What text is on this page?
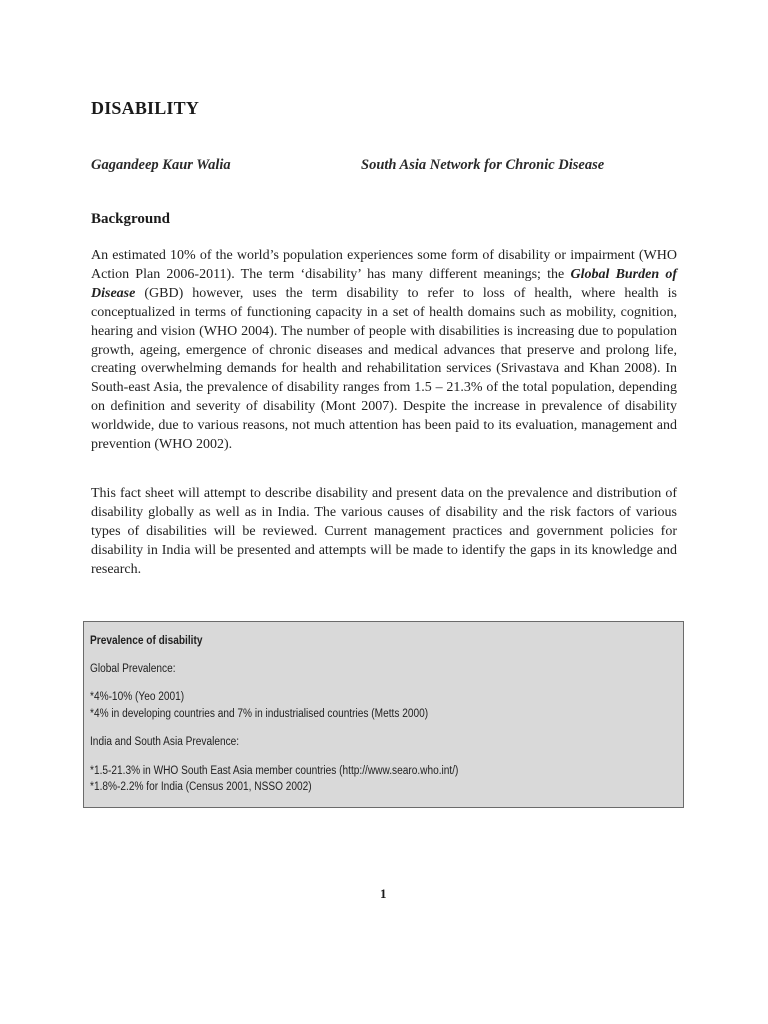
DISABILITY
Gagandeep Kaur Walia	South Asia Network for Chronic Disease
Background

An estimated 10% of the world’s population experiences some form of disability or impairment (WHO Action Plan 2006-2011). The term ‘disability’ has many different meanings; the Global Burden of Disease (GBD) however, uses the term disability to refer to loss of health, where health is conceptualized in terms of functioning capacity in a set of health domains such as mobility, cognition, hearing and vision (WHO 2004). The number of people with disabilities is increasing due to population growth, ageing, emergence of chronic diseases and medical advances that preserve and prolong life, creating overwhelming demands for health and rehabilitation services (Srivastava and Khan 2008). In South-east Asia, the prevalence of disability ranges from 1.5 – 21.3% of the total population, depending on definition and severity of disability (Mont 2007). Despite the increase in prevalence of disability worldwide, due to various reasons, not much attention has been paid to its evaluation, management and prevention (WHO 2002).

This fact sheet will attempt to describe disability and present data on the prevalence and distribution of disability globally as well as in India. The various causes of disability and the risk factors of various types of disabilities will be reviewed. Current management practices and government policies for disability in India will be presented and attempts will be made to identify the gaps in its knowledge and research.

Prevalence of disability
Global Prevalence:
*4%-10% (Yeo 2001)
*4% in developing countries and 7% in industrialised countries (Metts 2000)
India and South Asia Prevalence:
*1.5-21.3% in WHO South East Asia member countries (http://www.searo.who.int/)
*1.8%-2.2% for India (Census 2001, NSSO 2002)
1
